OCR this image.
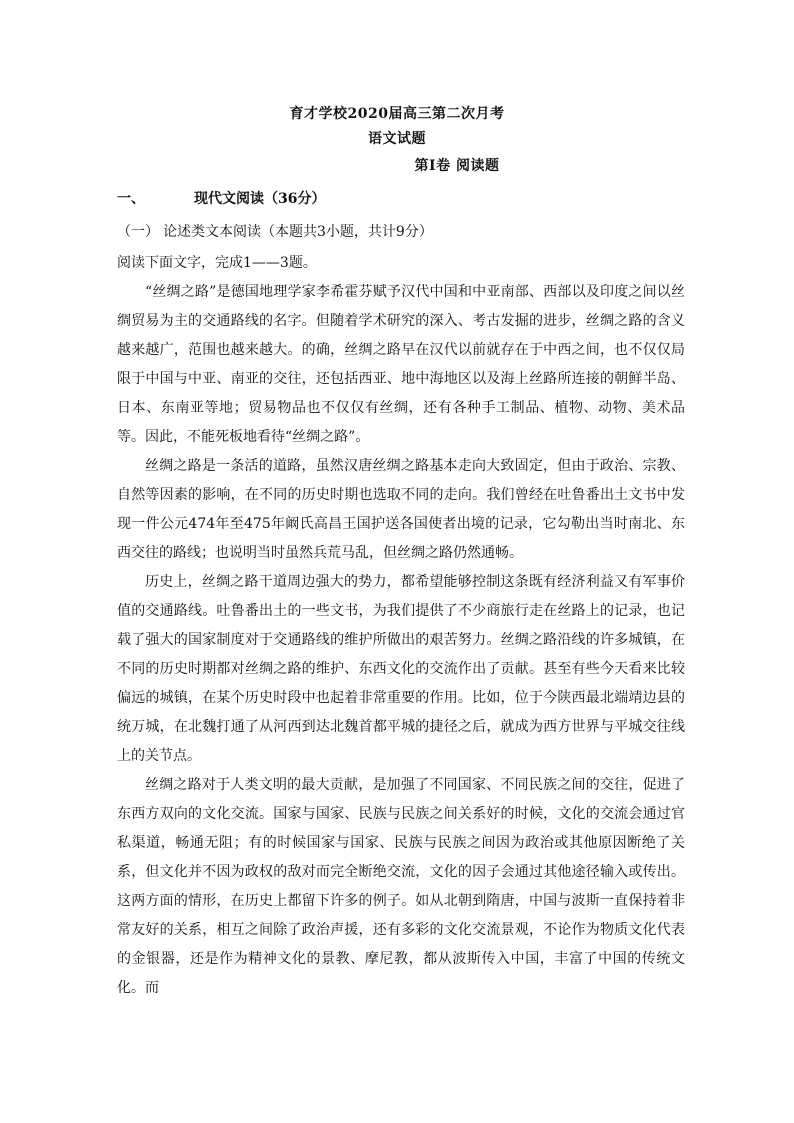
育才学校2020届高三第二次月考
语文试题
第Ⅰ卷 阅读题
一、	现代文阅读（36分）
（一） 论述类文本阅读（本题共3小题，共计9分）
阅读下面文字，完成1——3题。

“丝绸之路”是德国地理学家李希霍芬赋予汉代中国和中亚南部、西部以及印度之间以丝绸贸易为主的交通路线的名字。但随着学术研究的深入、考古发掘的进步，丝绸之路的含义越来越广，范围也越来越大。的确，丝绸之路早在汉代以前就存在于中西之间，也不仅仅局限于中国与中亚、南亚的交往，还包括西亚、地中海地区以及海上丝路所连接的朝鲜半岛、日本、东南亚等地；贸易物品也不仅仅有丝绸，还有各种手工制品、植物、动物、美术品等。因此，不能死板地看待“丝绸之路”。

丝绸之路是一条活的道路，虽然汉唐丝绸之路基本走向大致固定，但由于政治、宗教、自然等因素的影响，在不同的历史时期也选取不同的走向。我们曾经在吐鲁番出土文书中发现一件公元474年至475年阚氏高昌王国护送各国使者出境的记录，它勾勒出当时南北、东西交往的路线；也说明当时虽然兵荒马乱，但丝绸之路仍然通畅。

历史上，丝绸之路干道周边强大的势力，都希望能够控制这条既有经济利益又有军事价值的交通路线。吐鲁番出土的一些文书，为我们提供了不少商旅行走在丝路上的记录，也记载了强大的国家制度对于交通路线的维护所做出的艰苦努力。丝绸之路沿线的许多城镇，在不同的历史时期都对丝绸之路的维护、东西文化的交流作出了贡献。甚至有些今天看来比较偏远的城镇，在某个历史时段中也起着非常重要的作用。比如，位于今陕西最北端靖边县的统万城，在北魏打通了从河西到达北魏首都平城的捷径之后，就成为西方世界与平城交往线上的关节点。

丝绸之路对于人类文明的最大贡献，是加强了不同国家、不同民族之间的交往，促进了东西方双向的文化交流。国家与国家、民族与民族之间关系好的时候，文化的交流会通过官私渠道，畅通无阻；有的时候国家与国家、民族与民族之间因为政治或其他原因断绝了关系，但文化并不因为政权的敌对而完全断绝交流，文化的因子会通过其他途径输入或传出。这两方面的情形，在历史上都留下许多的例子。如从北朝到隋唐，中国与波斯一直保持着非常友好的关系，相互之间除了政治声援，还有多彩的文化交流景观，不论作为物质文化代表的金银器，还是作为精神文化的景教、摩尼教，都从波斯传入中国，丰富了中国的传统文化。而
